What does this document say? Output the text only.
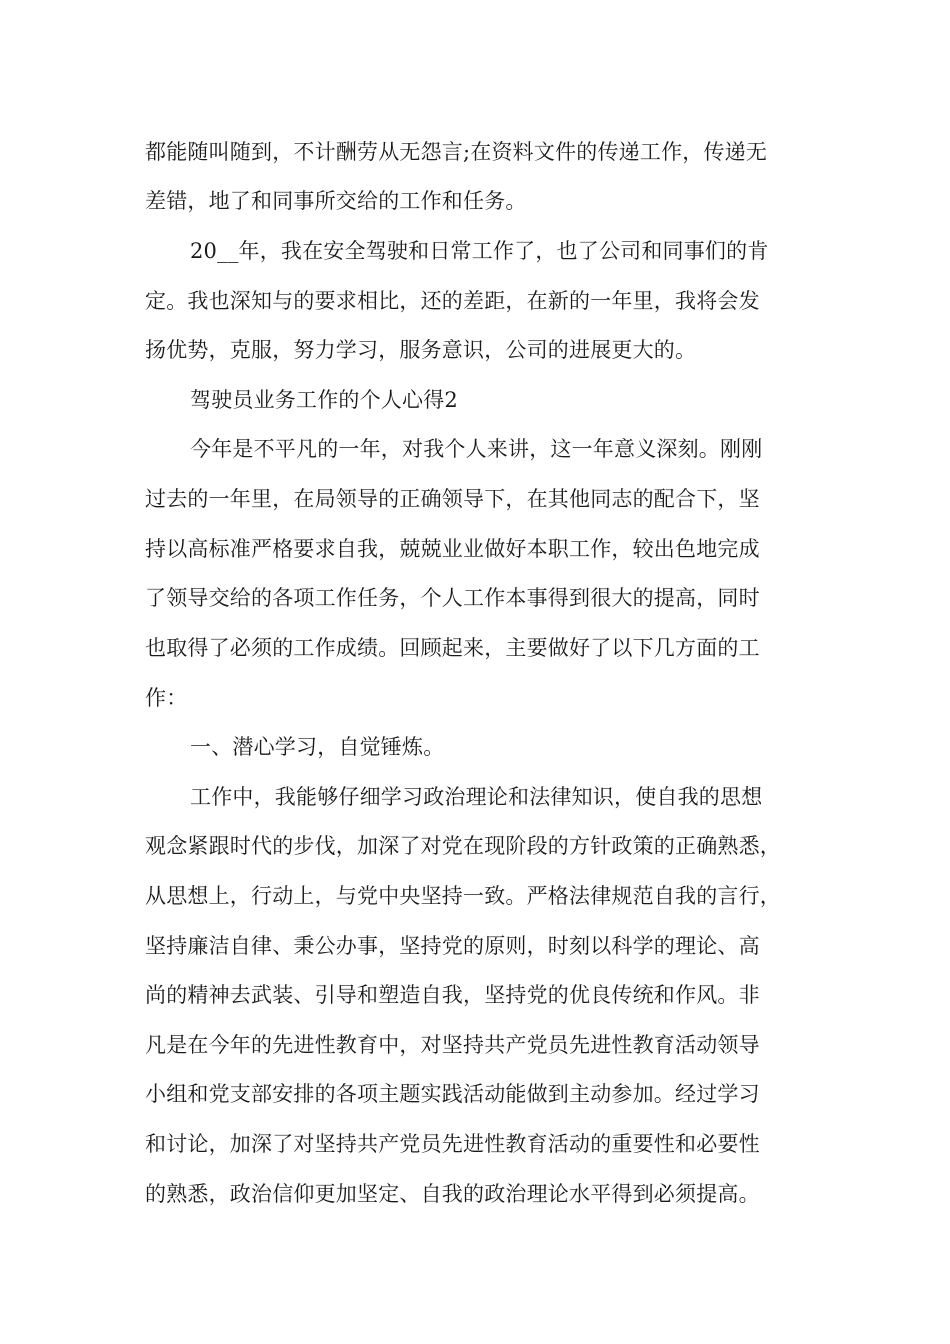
都能随叫随到，不计酬劳从无怨言;在资料文件的传递工作，传递无

差错，地了和同事所交给的工作和任务。

20__年，我在安全驾驶和日常工作了，也了公司和同事们的肯

定。我也深知与的要求相比，还的差距，在新的一年里，我将会发

扬优势，克服，努力学习，服务意识，公司的进展更大的。

驾驶员业务工作的个人心得2

今年是不平凡的一年，对我个人来讲，这一年意义深刻。刚刚

过去的一年里，在局领导的正确领导下，在其他同志的配合下，坚

持以高标准严格要求自我，兢兢业业做好本职工作，较出色地完成

了领导交给的各项工作任务，个人工作本事得到很大的提高，同时

也取得了必须的工作成绩。回顾起来，主要做好了以下几方面的工

作：

一、潜心学习，自觉锤炼。

工作中，我能够仔细学习政治理论和法律知识，使自我的思想

观念紧跟时代的步伐，加深了对党在现阶段的方针政策的正确熟悉，

从思想上，行动上，与党中央坚持一致。严格法律规范自我的言行，

坚持廉洁自律、秉公办事，坚持党的原则，时刻以科学的理论、高

尚的精神去武装、引导和塑造自我，坚持党的优良传统和作风。非

凡是在今年的先进性教育中，对坚持共产党员先进性教育活动领导

小组和党支部安排的各项主题实践活动能做到主动参加。经过学习

和讨论，加深了对坚持共产党员先进性教育活动的重要性和必要性

的熟悉，政治信仰更加坚定、自我的政治理论水平得到必须提高。
